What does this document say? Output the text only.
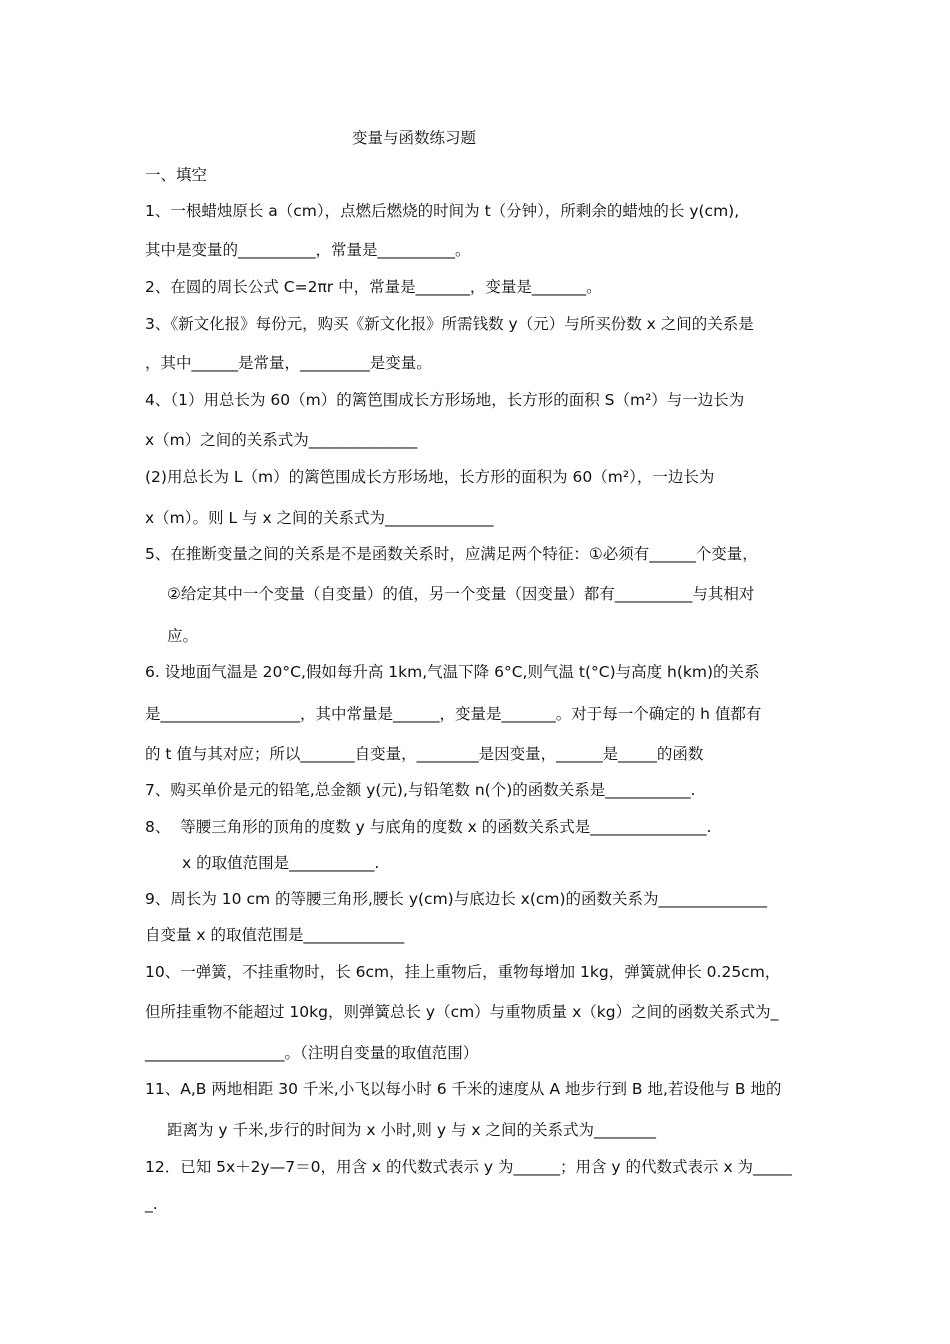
变量与函数练习题
一、填空
1、一根蜡烛原长 a（cm），点燃后燃烧的时间为 t（分钟），所剩余的蜡烛的长 y(cm),
其中是变量的__________，常量是__________。
2、在圆的周长公式 C=2πr 中，常量是_______，变量是_______。
3、《新文化报》每份元，购买《新文化报》所需钱数 y（元）与所买份数 x 之间的关系是
，其中______是常量，_________是变量。
4、（1）用总长为 60（m）的篱笆围成长方形场地，长方形的面积 S（m²）与一边长为
x（m）之间的关系式为______________
(2)用总长为 L（m）的篱笆围成长方形场地，长方形的面积为 60（m²），一边长为
x（m）。则 L 与 x 之间的关系式为______________
5、在推断变量之间的关系是不是函数关系时，应满足两个特征：①必须有______个变量，
②给定其中一个变量（自变量）的值，另一个变量（因变量）都有__________与其相对
应。
6. 设地面气温是 20°C,假如每升高 1km,气温下降 6°C,则气温 t(°C)与高度 h(km)的关系
是__________________，其中常量是______，变量是_______。对于每一个确定的 h 值都有
的 t 值与其对应；所以_______自变量，________是因变量，______是_____的函数
7、购买单价是元的铅笔,总金额 y(元),与铅笔数 n(个)的函数关系是___________.
8、  等腰三角形的顶角的度数 y 与底角的度数 x 的函数关系式是_______________.
x 的取值范围是___________.
9、周长为 10 cm 的等腰三角形,腰长 y(cm)与底边长 x(cm)的函数关系为______________
自变量 x 的取值范围是_____________
10、一弹簧，不挂重物时，长 6cm，挂上重物后，重物每增加 1kg，弹簧就伸长 0.25cm，
但所挂重物不能超过 10kg，则弹簧总长 y（cm）与重物质量 x（kg）之间的函数关系式为_
__________________。（注明自变量的取值范围）
11、A,B 两地相距 30 千米,小飞以每小时 6 千米的速度从 A 地步行到 B 地,若设他与 B 地的
距离为 y 千米,步行的时间为 x 小时,则 y 与 x 之间的关系式为________
12．已知 5x＋2y—7＝0，用含 x 的代数式表示 y 为______；用含 y 的代数式表示 x 为_____
_.
